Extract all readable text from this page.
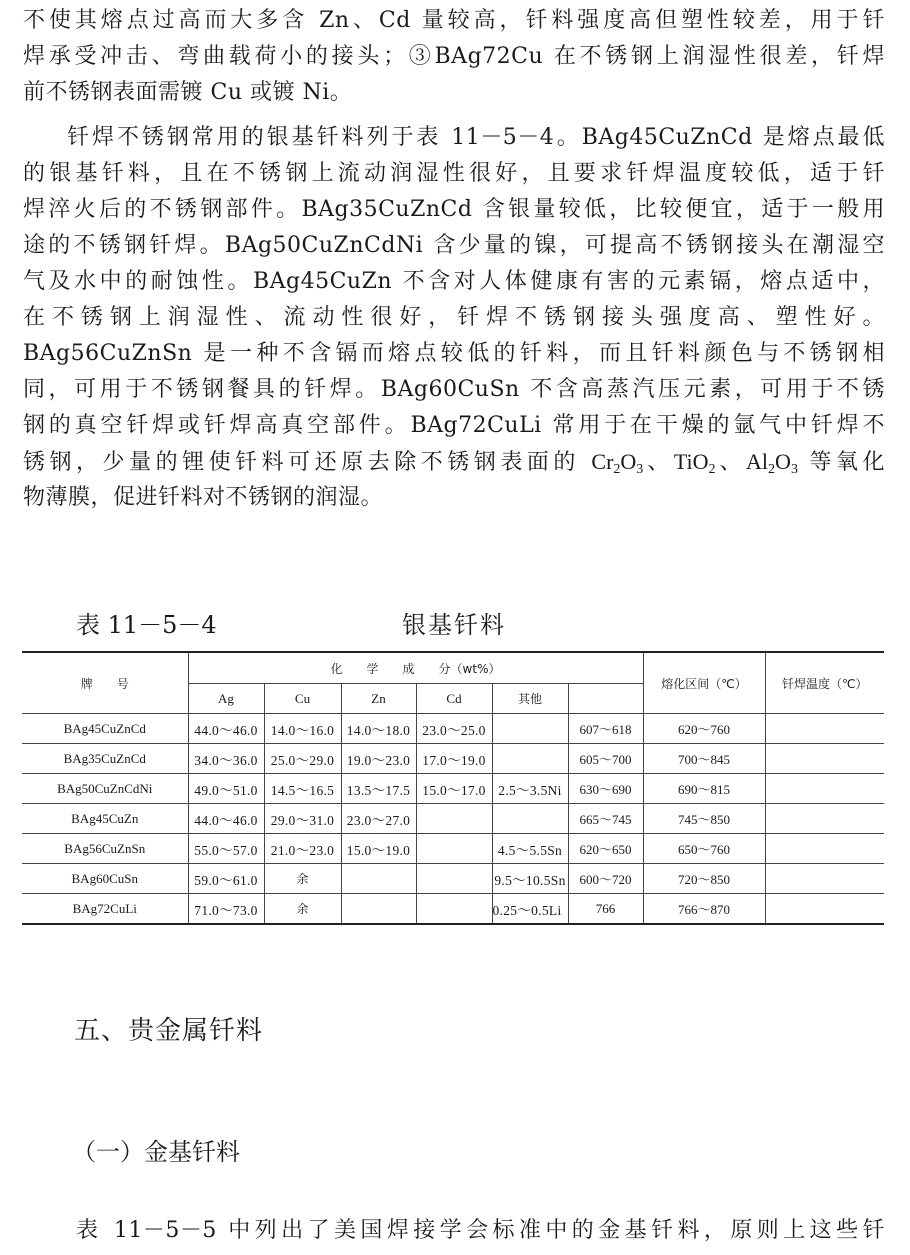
不使其熔点过高而大多含 Zn、Cd 量较高，钎料强度高但塑性较差，用于钎
焊承受冲击、弯曲载荷小的接头；③BAg72Cu 在不锈钢上润湿性很差，钎焊
前不锈钢表面需镀 Cu 或镀 Ni。
钎焊不锈钢常用的银基钎料列于表 11－5－4。BAg45CuZnCd 是熔点最低
的银基钎料，且在不锈钢上流动润湿性很好，且要求钎焊温度较低，适于钎
焊淬火后的不锈钢部件。BAg35CuZnCd 含银量较低，比较便宜，适于一般用
途的不锈钢钎焊。BAg50CuZnCdNi 含少量的镍，可提高不锈钢接头在潮湿空
气及水中的耐蚀性。BAg45CuZn 不含对人体健康有害的元素镉，熔点适中，
在不锈钢上润湿性、流动性很好，钎焊不锈钢接头强度高、塑性好。
BAg56CuZnSn 是一种不含镉而熔点较低的钎料，而且钎料颜色与不锈钢相
同，可用于不锈钢餐具的钎焊。BAg60CuSn 不含高蒸汽压元素，可用于不锈
钢的真空钎焊或钎焊高真空部件。BAg72CuLi 常用于在干燥的氩气中钎焊不
锈钢，少量的锂使钎料可还原去除不锈钢表面的 $Cr_2O_3$、TiO$_2$、$Al_2O_3$ 等氧化
物薄膜，促进钎料对不锈钢的润湿。
表 11－5－4	银基钎料
牌　　号	化　　学　　成　　分（wt%）						熔化区间（℃）	钎焊温度（℃）
	Ag	Cu	Zn	Cd	其他			
BAg45CuZnCd	44.0～46.0	14.0～16.0	14.0～18.0	23.0～25.0		607～618	620～760	
BAg35CuZnCd	34.0～36.0	25.0～29.0	19.0～23.0	17.0～19.0		605～700	700～845	
BAg50CuZnCdNi	49.0～51.0	14.5～16.5	13.5～17.5	15.0～17.0	2.5～3.5Ni	630～690	690～815	
BAg45CuZn	44.0～46.0	29.0～31.0	23.0～27.0			665～745	745～850	
BAg56CuZnSn	55.0～57.0	21.0～23.0	15.0～19.0		4.5～5.5Sn	620～650	650～760	
BAg60CuSn	59.0～61.0	余			9.5～10.5Sn	600～720	720～850	
BAg72CuLi	71.0～73.0	余			0.25～0.5Li	766	766～870	
五、贵金属钎料
（一）金基钎料
表 11－5－5 中列出了美国焊接学会标准中的金基钎料，原则上这些钎
